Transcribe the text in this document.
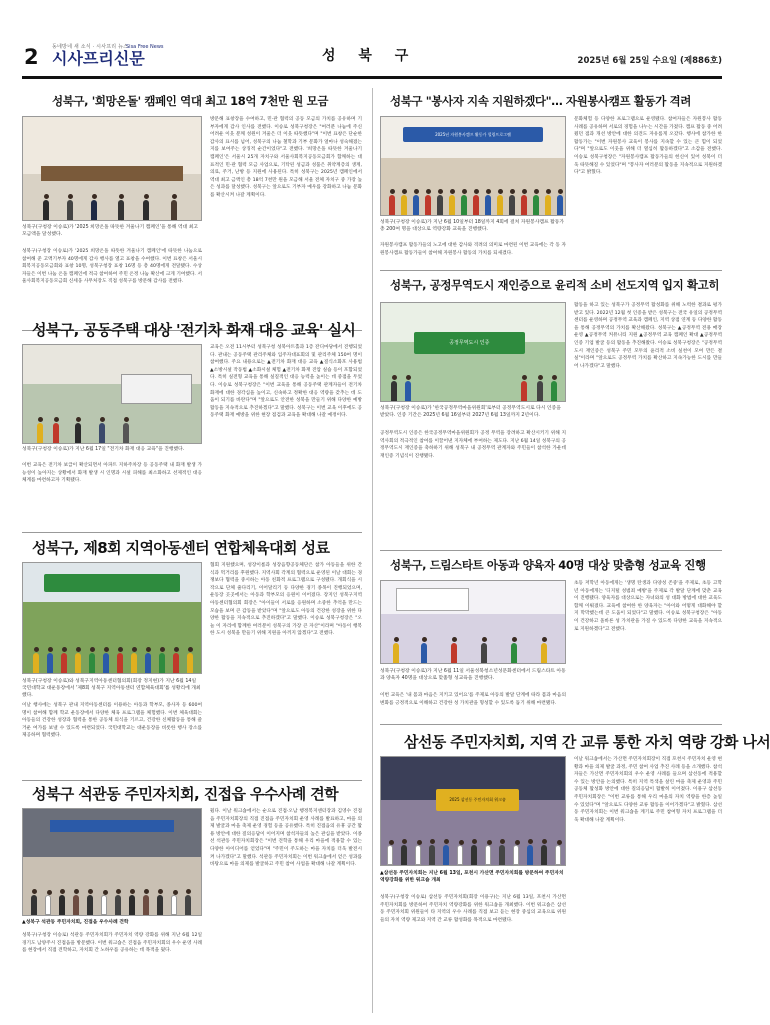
2	동네방네 새 소식 · 시사프리 뉴스
시사프리신문
Sisa Free News
성 북 구	2025년 6월 25일 수요일 (제886호)
성북구, '희망온돌' 캠페인 역대 최고 18억 7천만 원 모금
방문해 표창장을 수여하고, 민·관 협력의 공동 모금의 가치를 공유하며 기부자에게 감사 인사를 전했다. 이승로 성북구청장은 "여러분 나눔에 주신 어려운 이웃 분께 성원이 겨울은 더 이웃 따뜻했다"며 "이번 표창은 단순한 감사의 표시를 넘어, 성북구의 나눔 철학과 기부 문화가 얼마나 성숙해졌는지를 보여주는 상징적 순간이었다"고 전했다. '희망온돌 따뜻한 겨울나기 캠페인'은 서울시 25개 자치구와 서울사회복지공동모금회가 함께하는 대표적인 민·관 협력 모금 사업으로, 기탁된 성금과 성품은 취약계층의 생계, 의료, 주거, 난방 등 지원에 사용된다. 특히 성북구는 2025년 캠페인에서 역대 최고 금액인 총 18억 7천만 원을 모금해 서울 전체 자치구 중 가장 높은 성과를 달성했다. 성북구는 앞으로도 기부자 예우를 강화하고 나눔 문화를 확산시켜 나갈 계획이다.
성북구(구청장 이승로)가 '2025 희망온돌 따뜻한 겨울나기 캠페인'을 통해 역대 최고 모금액을 달성했다.
성북구(구청장 이승로)가 '2025 희망온돌 따뜻한 겨울나기 캠페인'에 따뜻한 나눔으로 참여해 준 고액기부자 40명에게 감사 행사를 열고 표창을 수여했다. 이번 표창은 서울시회복지공동모금회와 표창 10명, 성북구청장 표창 16명 등 총 40명에게 전달됐다. 수상자들은 이번 나눔 온돌 캠페인에 적극 참여하여 주민 온정 나눔 확산에 크게 기여했다. 서울사회복지공동모금회 신세웅 사무처장도 직접 성북구를 방문해 감사를 전했다.
성북구, 공동주택 대상 '전기차 화재 대응 교육' 실시
교육은 오전 11시부터 성북구청 성북아트홀과 1층 잔디마당에서 진행되었다. 관내는 공동주택 관리주체와 입주자대표회의 및 관리주체 150여 명이 참여했다. 주요 내용으로는 ▲전기차 화재 대응 교육 ▲질식소화포 사용법 ▲소방시설 작동법 ▲소화시설 체험 ▲전기차 화재 진압 실습 등이 포함되었다. 특히 실전형 교육을 통해 실질적인 대응 능력을 높이는 데 중점을 두었다. 이승로 성북구청장은 "이번 교육을 통해 공동주택 관계자들이 전기차 화재에 대한 경각심을 높이고, 신속하고 정확한 대응 역량을 갖추는 데 도움이 되기를 바란다"며 "앞으로도 안전한 성북을 만들기 위해 다양한 예방 활동을 지속적으로 추진하겠다"고 말했다. 성북구는 이번 교육 이후에도 공동주택 화재 예방을 위한 현장 점검과 교육을 확대해 나갈 예정이다.
성북구(구청장 이승로)가 지난 6월 17일 "전기차 화재 대응 교육"을 진행했다.
이번 교육은 전기차 보급이 확산되면서 아파트 지하주차장 등 공동주택 내 화재 발생 가능성이 높아지는 상황에서 화재 발생 시 인명과 시설 피해를 최소화하고 선제적인 대응 체계를 마련하고자 기획됐다.
성북구, 제8회 지역아동센터 연합체육대회 성료
협회 지원했으며, 성장이룸과 성장음향공동체단은 참가 아동들을 위한 간식과 먹거리를 후원했다. 지역사회 각계의 협력으로 운영된 이날 대회는 경쟁보다 협력을 중시하는 아동 친화적 프로그램으로 구성됐다. 개회식을 시작으로 단체 줄다리기, 이어달리기 등 다양한 경기 종목이 진행되었으며, 운동장 곳곳에서는 아동과 학부모의 응원이 이어졌다. 장지인 성북구지역아동센터협의회 회장은 "아이들이 서로를 응원하며 소중한 추억을 만드는 모습을 보며 큰 감동을 받았다"며 "앞으로도 아동의 건강한 성장을 위한 다양한 활동을 지속적으로 추진하겠다"고 말했다. 이승로 성북구청장은 "오늘 이 자리에 함께한 여러분이 성북구의 가장 큰 자산"이라며 "아동이 행복한 도시 성북을 만들기 위해 지원을 아끼지 않겠다"고 전했다.
성북구(구청장 이승로)와 성북구지역아동센터협의회(회장 정지현)가 지난 6월 14일 국민대학교 대운동장에서 '제8회 성북구 지역아동센터 연합체육대회'를 성황리에 개최했다.
이날 행사에는 성북구 관내 지역아동센터를 이용하는 아동과 학부모, 종사자 등 600여 명이 참여해 함께 학교 운동장에서 다양한 체육 프로그램을 체험했다. 이번 체육대회는 아동들의 건강한 성장과 협력을 통한 공동체 의식을 기르고, 건강한 신체활동을 통해 즐거운 여가를 보낼 수 있도록 마련되었다. 국민대학교는 대운동장을 비롯한 행사 장소를 제공하며 협력했다.
성북구 석관동 주민자치회, 진접읍 우수사례 견학
뒀다. 이날 워크숍에서는 순으로 진접·오남 행정복지센터장과 김영수 진접읍 주민자치회장의 직접 진접읍 주민자치회 운영 사례를 발표하고, 마을 의제 발굴과 마을 축제 운영 경험 등을 공유했다. 특히 진접읍의 유휴 공간 활용 방안에 대한 질의응답이 이어지며 참석자들의 높은 관심을 받았다. 이종선 석관동 주민자치회장은 "이번 견학을 통해 우리 마을에 적용할 수 있는 다양한 아이디어를 얻었다"며 "주민이 주도하는 마을 자치를 더욱 발전시켜 나가겠다"고 말했다. 석관동 주민자치회는 이번 워크숍에서 얻은 성과를 바탕으로 마을 의제를 발굴하고 주민 참여 사업을 확대해 나갈 계획이다.
▲성북구 석관동 주민자치회, 진접읍 우수사례 견학
성북구(구청장 이승로) 석관동 주민자치회가 주민자치 역량 강화를 위해 지난 6월 12일 경기도 남양주시 진접읍을 방문했다. 이번 워크숍은 진접읍 주민자치회의 우수 운영 사례를 현장에서 직접 견학하고, 자치회 간 노하우를 공유하는 데 목적을 뒀다.
성북구 "봉사자 지속 지원하겠다"… 자원봉사캠프 활동가 격려
2025년 자원봉사캠프 활동가 힐링프로그램
문화체험 등 다양한 프로그램으로 운영됐다. 참여자들은 자원봉사 활동 사례를 공유하며 서로의 경험을 나누는 시간을 가졌다. 캠프 활동 중 어려웠던 점과 개선 방안에 대한 의견도 자유롭게 오갔다. 행사에 참가한 한 활동가는 "이번 자원봉사 교육이 봉사를 지속할 수 있는 큰 힘이 되었다"며 "앞으로도 이웃을 위해 더 열심히 활동하겠다"고 소감을 전했다. 이승로 성북구청장은 "자원봉사캠프 활동가들의 헌신이 있어 성북이 더욱 따뜻해질 수 있었다"며 "봉사자 여러분의 활동을 지속적으로 지원하겠다"고 밝혔다.
성북구(구청장 이승로)가 지난 6월 10일부터 18일까지 4회에 걸쳐 자원봉사캠프 활동가 총 200여 명을 대상으로 역량강화 교육을 진행했다.
자원봉사캠프 활동가들의 노고에 대한 감사와 격려의 의미로 마련된 이번 교육에는 각 동 자원봉사캠프 활동가들이 참여해 자원봉사 활동의 가치를 되새겼다.
성북구, 공정무역도시 재인증으로 윤리적 소비 선도지역 입지 확고히
공정무역도시 인증
활동을 하고 있는 성북구가 공정무역 활성화를 위해 노력한 결과로 평가받고 있다. 2022년 12월 첫 인증을 받은 성북구는 전국 유일의 공정무역센터를 운영하며 공정무역 교육과 캠페인, 지역 상점 연계 등 다양한 활동을 통해 공정무역의 가치를 확산해왔다. 성북구는 ▲공정무역 전용 매장 운영 ▲공정무역 커뮤니티 지원 ▲공정무역 교육 캠페인 확대 ▲공정무역 인증 기업 발굴 등의 활동을 추진해왔다. 이승로 성북구청장은 "공정무역도시 재인증은 성북구 주민 모두의 윤리적 소비 실천이 모여 만든 결실"이라며 "앞으로도 공정무역 가치를 확산하고 지속가능한 도시를 만들어 나가겠다"고 말했다.
성북구(구청장 이승로)가 '한국공정무역마을위원회'로부터 공정무역도시로 다시 인증을 받았다. 인증 기간은 2025년 6월 16일부터 2027년 6월 13일까지 2년이다.
공정무역도시 인증은 한국공정무역마을위원회가 공정 무역을 장려하고 확산시키기 위해 지역사회의 적극적인 참여를 이끌어낸 지자체에 부여하는 제도다. 지난 6월 14일 성북구의 공정무역도시 재인증을 축하하기 위해 성북구 내 공정무역 관계자와 주민들이 참석한 가운데 재인증 기념식이 진행됐다.
성북구, 드림스타트 아동과 양육자 40명 대상 맞춤형 성교육 진행
초등 저학년 아동에게는 '생명 탄생과 다양성 존중'을 주제로, 초등 고학년 아동에게는 '디지털 성범죄 예방'을 주제로 각 발달 단계에 맞춘 교육이 진행됐다. 양육자를 대상으로는 자녀와의 성 대화 방법에 대한 교육도 함께 이뤄졌다. 교육에 참여한 한 양육자는 "아이와 어떻게 대화해야 할지 막막했는데 큰 도움이 되었다"고 말했다. 이승로 성북구청장은 "아동이 건강하고 올바른 성 가치관을 가질 수 있도록 다양한 교육을 지속적으로 지원하겠다"고 전했다.
성북구(구청장 이승로)가 지난 6월 11일 서울성북청소년성문화센터에서 드림스타트 아동과 양육자 40명을 대상으로 맞춤형 성교육을 진행했다.
이번 교육은 '내 몸과 마음은 지키고 있어요'를 주제로 아동의 발달 단계에 따라 몸과 마음의 변화를 긍정적으로 이해하고 건강한 성 가치관을 형성할 수 있도록 돕기 위해 마련됐다.
삼선동 주민자치회, 지역 간 교류 통한 자치 역량 강화 나서
2025 삼선동 주민자치회 워크숍
이날 워크숍에서는 가산면 주민자치회장이 직접 포천시 주민자치 운영 현황과 마을 의제 발굴 과정, 주민 참여 사업 추진 사례 등을 소개했다. 참석자들은 가산면 주민자치회의 우수 운영 사례를 들으며 삼선동에 적용할 수 있는 방안을 논의했다. 특히 지역 특색을 살린 마을 축제 운영과 주민 공동체 활성화 방안에 대한 질의응답이 활발히 이어졌다. 이용구 삼선동 주민자치회장은 "이번 교류를 통해 우리 마을의 자치 역량을 한층 높일 수 있었다"며 "앞으로도 다양한 교류 활동을 이어가겠다"고 밝혔다. 삼선동 주민자치회는 이번 워크숍을 계기로 주민 참여형 자치 프로그램을 더욱 확대해 나갈 계획이다.
▲삼선동 주민자치회는 지난 6월 13일, 포천시 가산면 주민자치회를 방문하여 주민자치 역량강화를 위한 워크숍 개최
성북구(구청장 이승로) 삼선동 주민자치회(회장 이용구)는 지난 6월 13일, 포천시 가산면 주민자치회를 방문하여 주민자치 역량강화를 위한 워크숍을 개최했다. 이번 워크숍은 삼선동 주민자치회 위원들이 타 지역의 우수 사례를 직접 보고 듣는 현장 중심의 교육으로 위원들의 자치 역량 제고와 지역 간 교류 활성화를 목적으로 마련됐다.
